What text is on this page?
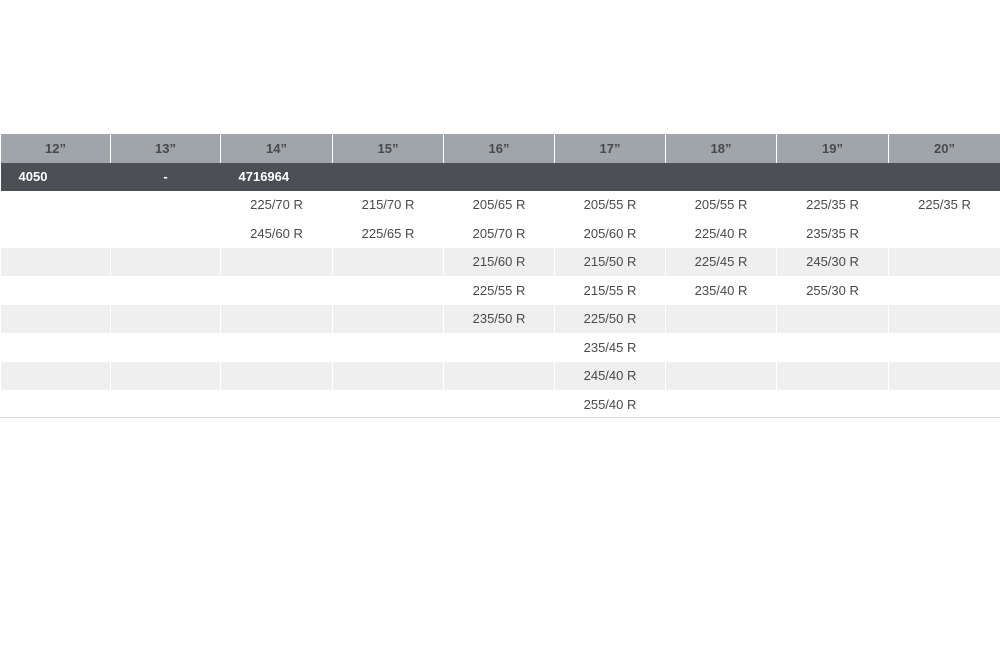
12”	13”	14”	15”	16”	17”	18”	19”	20”
4050	-	4716964						
		225/70 R	215/70 R	205/65 R	205/55 R	205/55 R	225/35 R	225/35 R
		245/60 R	225/65 R	205/70 R	205/60 R	225/40 R	235/35 R	
				215/60 R	215/50 R	225/45 R	245/30 R	
				225/55 R	215/55 R	235/40 R	255/30 R	
				235/50 R	225/50 R			
					235/45 R			
					245/40 R			
					255/40 R			
